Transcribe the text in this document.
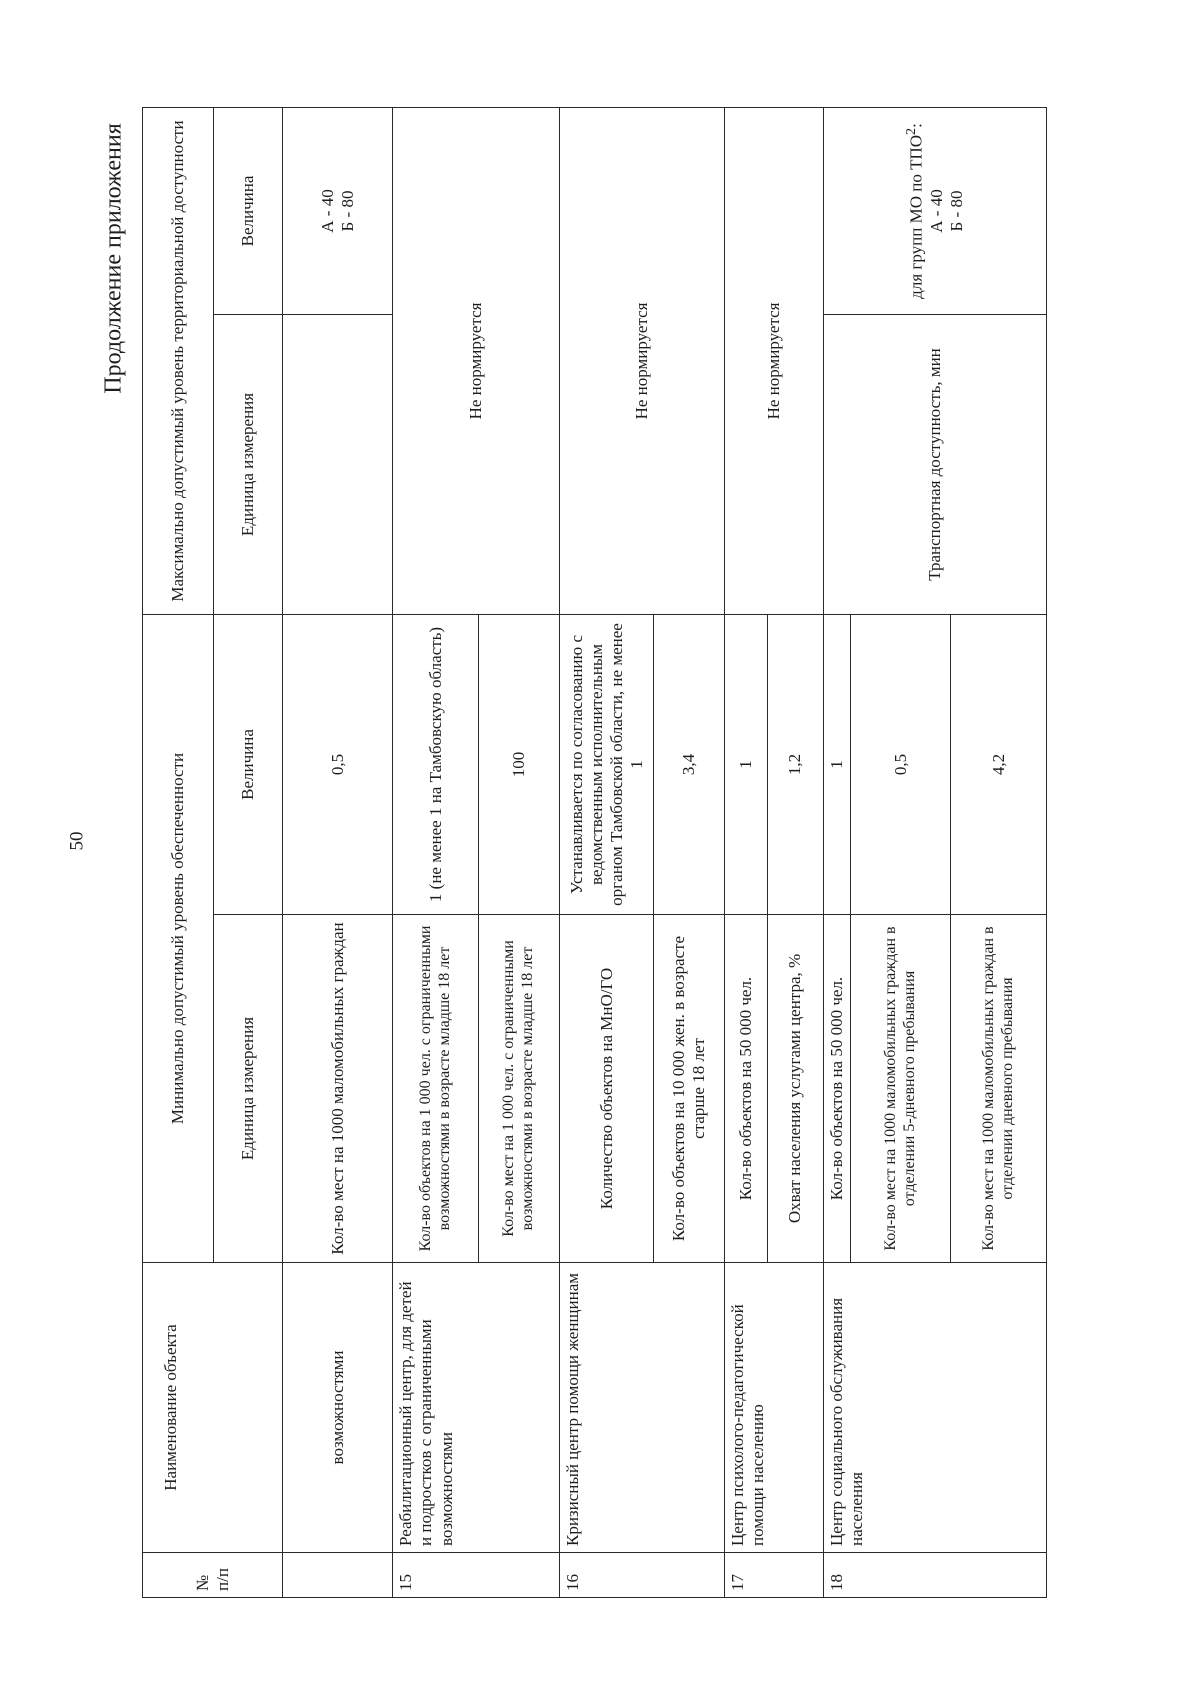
50
Продолжение приложения
№ п/п	Наименование объекта	Минимально допустимый уровень обеспеченности		Максимально допустимый уровень территориальной доступности	
		Единица измерения	Величина	Единица измерения	Величина
	возможностями	Кол-во мест на 1000 маломобильных граждан	0,5		А - 40
Б - 80
15	Реабилитационный центр, для детей и подростков с ограниченными возможностями	Кол-во объектов на 1 000 чел. с ограниченными возможностями в возрасте младше 18 лет	1 (не менее 1 на Тамбовскую область)	Не нормируется	
		Кол-во мест на 1 000 чел. с ограниченными возможностями в возрасте младше 18 лет	100		
16	Кризисный центр помощи женщинам	Количество объектов на МнО/ГО	Устанавливается по согласованию с ведомственным исполнительным органом Тамбовской области, не менее 1	Не нормируется	
		Кол-во объектов на 10 000 жен. в возрасте старше 18 лет	3,4		
17	Центр психолого-педагогической помощи населению	Кол-во объектов на 50 000 чел.	1	Не нормируется	
		Охват населения услугами центра, %	1,2		
18	Центр социального обслуживания населения	Кол-во объектов на 50 000 чел.	1	Транспортная доступность, мин	для групп МО по ТПО$^2$:
А - 40
Б - 80
		Кол-во мест на 1000 маломобильных граждан в отделении 5-дневного пребывания	0,5		
		Кол-во мест на 1000 маломобильных граждан в отделении дневного пребывания	4,2		
